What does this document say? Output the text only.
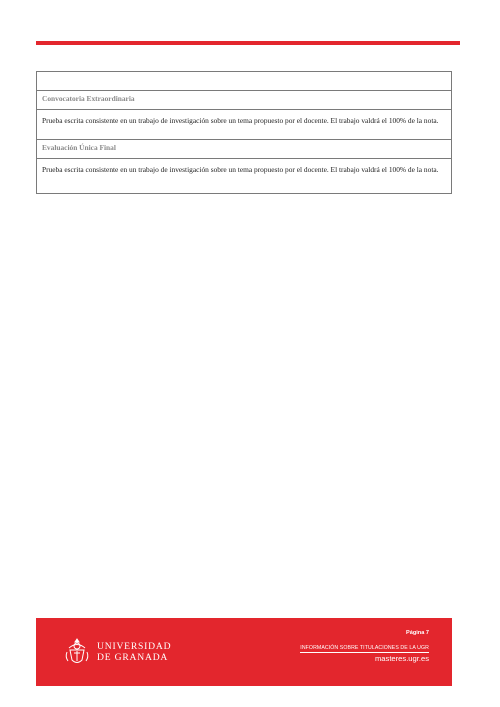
Convocatoria Extraordinaria
Prueba escrita consistente en un trabajo de investigación sobre un tema propuesto por el docente. El trabajo valdrá el 100% de la nota.
Evaluación Única Final
Prueba escrita consistente en un trabajo de investigación sobre un tema propuesto por el docente. El trabajo valdrá el 100% de la nota.
UNIVERSIDAD
DE GRANADA
Página 7
INFORMACIÓN SOBRE TITULACIONES DE LA UGR
masteres.ugr.es
